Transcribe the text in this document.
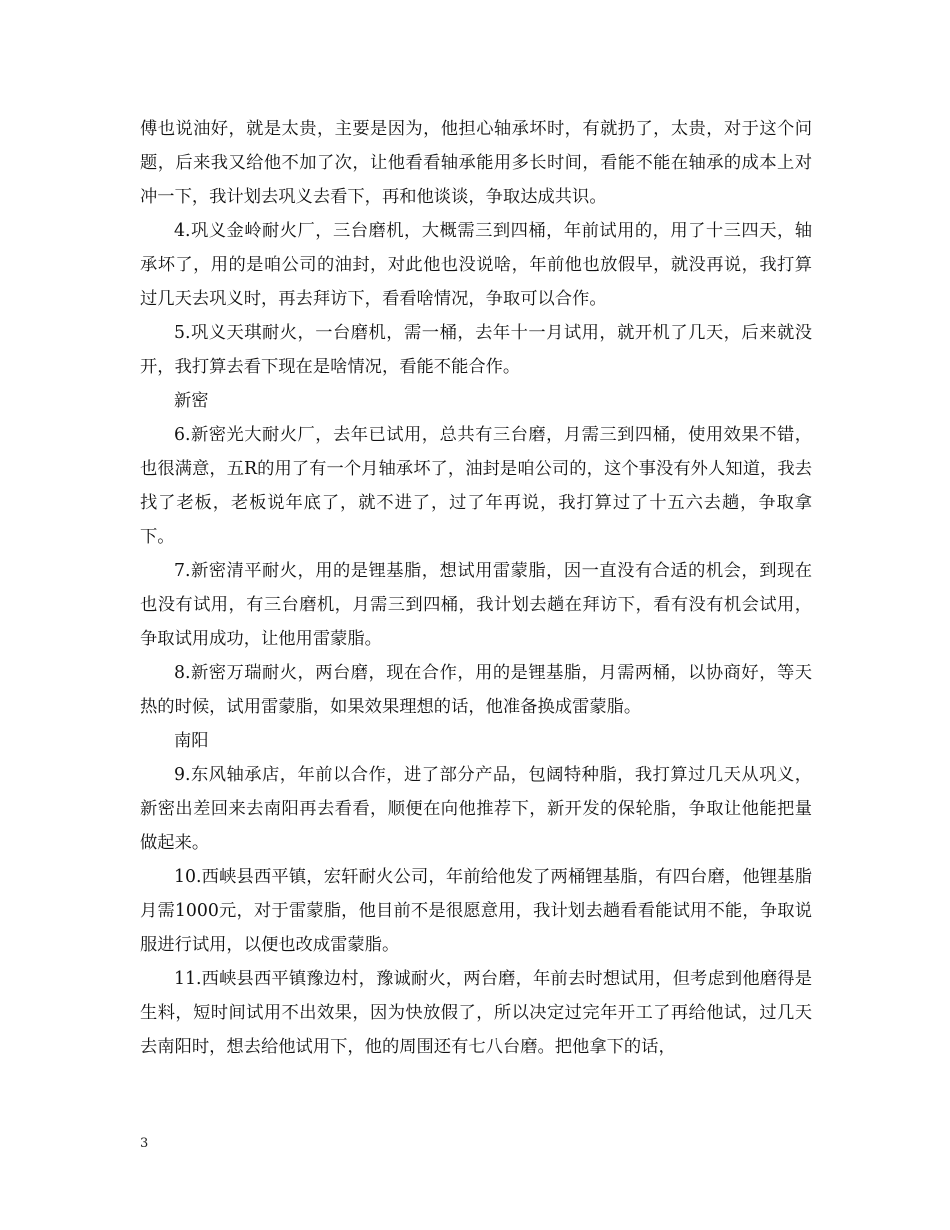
傅也说油好，就是太贵，主要是因为，他担心轴承坏时，有就扔了，太贵，对于这个问题，后来我又给他不加了次，让他看看轴承能用多长时间，看能不能在轴承的成本上对冲一下，我计划去巩义去看下，再和他谈谈，争取达成共识。

4.巩义金岭耐火厂，三台磨机，大概需三到四桶，年前试用的，用了十三四天，轴承坏了，用的是咱公司的油封，对此他也没说啥，年前他也放假早，就没再说，我打算过几天去巩义时，再去拜访下，看看啥情况，争取可以合作。

5.巩义天琪耐火，一台磨机，需一桶，去年十一月试用，就开机了几天，后来就没开，我打算去看下现在是啥情况，看能不能合作。

新密

6.新密光大耐火厂，去年已试用，总共有三台磨，月需三到四桶，使用效果不错，也很满意，五R的用了有一个月轴承坏了，油封是咱公司的，这个事没有外人知道，我去找了老板，老板说年底了，就不进了，过了年再说，我打算过了十五六去趟，争取拿下。

7.新密清平耐火，用的是锂基脂，想试用雷蒙脂，因一直没有合适的机会，到现在也没有试用，有三台磨机，月需三到四桶，我计划去趟在拜访下，看有没有机会试用，争取试用成功，让他用雷蒙脂。

8.新密万瑞耐火，两台磨，现在合作，用的是锂基脂，月需两桶，以协商好，等天热的时候，试用雷蒙脂，如果效果理想的话，他准备换成雷蒙脂。

南阳

9.东风轴承店，年前以合作，进了部分产品，包阔特种脂，我打算过几天从巩义，新密出差回来去南阳再去看看，顺便在向他推荐下，新开发的保轮脂，争取让他能把量做起来。

10.西峡县西平镇，宏轩耐火公司，年前给他发了两桶锂基脂，有四台磨，他锂基脂月需1000元，对于雷蒙脂，他目前不是很愿意用，我计划去趟看看能试用不能，争取说服进行试用，以便也改成雷蒙脂。

11.西峡县西平镇豫边村，豫诚耐火，两台磨，年前去时想试用，但考虑到他磨得是生料，短时间试用不出效果，因为快放假了，所以决定过完年开工了再给他试，过几天去南阳时，想去给他试用下，他的周围还有七八台磨。把他拿下的话，

3
